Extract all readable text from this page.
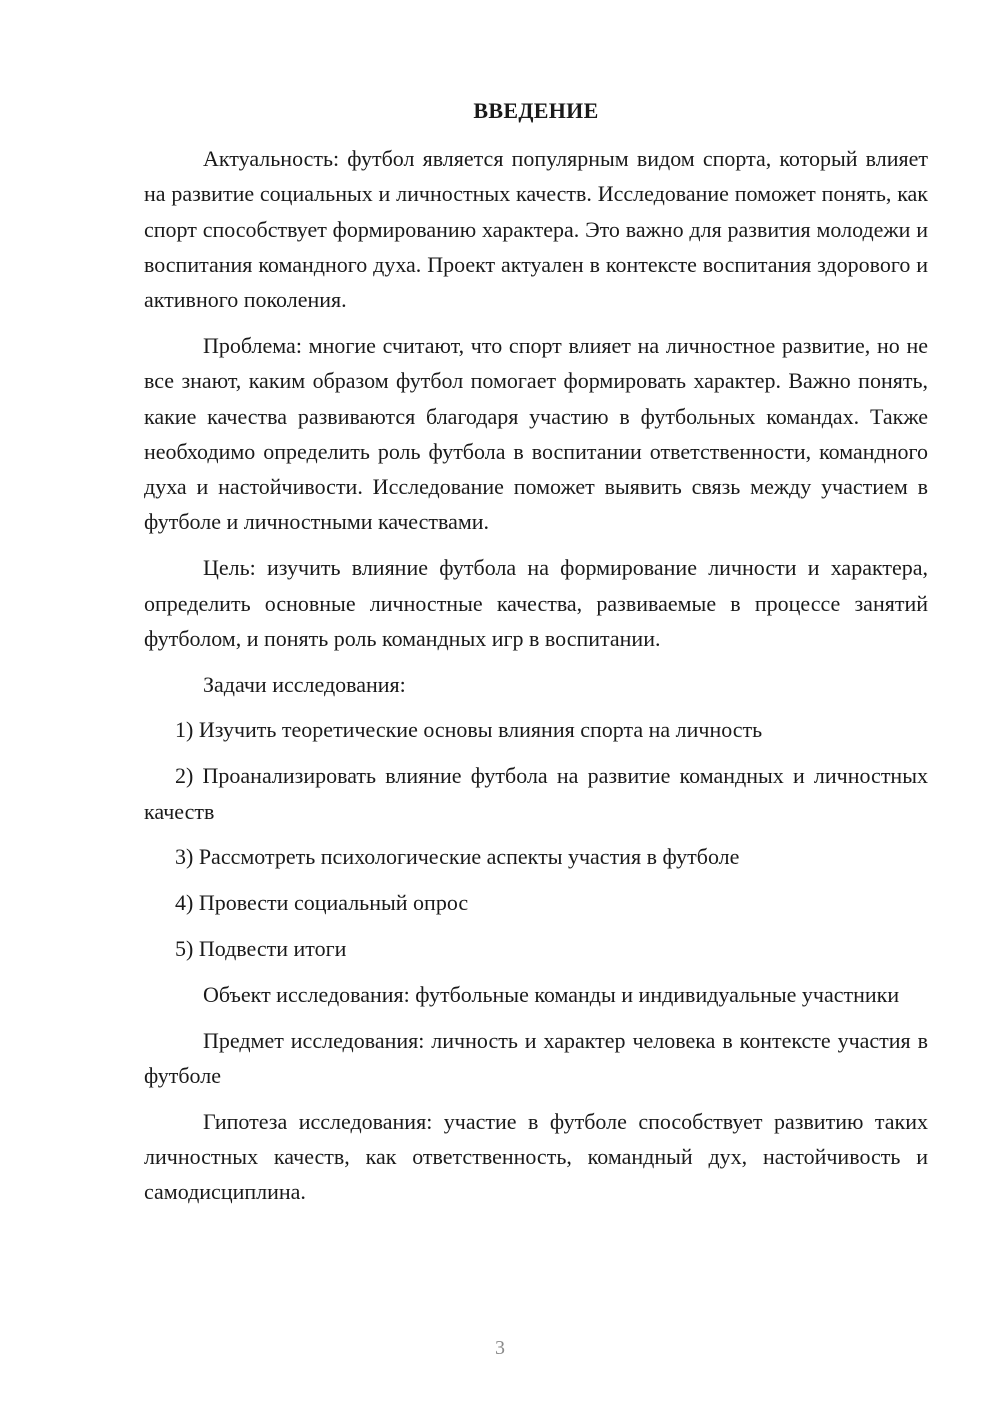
ВВЕДЕНИЕ

Актуальность: футбол является популярным видом спорта, который влияет на развитие социальных и личностных качеств. Исследование поможет понять, как спорт способствует формированию характера. Это важно для развития молодежи и воспитания командного духа. Проект актуален в контексте воспитания здорового и активного поколения.

Проблема: многие считают, что спорт влияет на личностное развитие, но не все знают, каким образом футбол помогает формировать характер. Важно понять, какие качества развиваются благодаря участию в футбольных командах. Также необходимо определить роль футбола в воспитании ответственности, командного духа и настойчивости. Исследование поможет выявить связь между участием в футболе и личностными качествами.

Цель: изучить влияние футбола на формирование личности и характера, определить основные личностные качества, развиваемые в процессе занятий футболом, и понять роль командных игр в воспитании.

Задачи исследования:

1) Изучить теоретические основы влияния спорта на личность

2) Проанализировать влияние футбола на развитие командных и личностных качеств

3) Рассмотреть психологические аспекты участия в футболе

4) Провести социальный опрос

5) Подвести итоги

Объект исследования: футбольные команды и индивидуальные участники

Предмет исследования: личность и характер человека в контексте участия в футболе

Гипотеза исследования: участие в футболе способствует развитию таких личностных качеств, как ответственность, командный дух, настойчивость и самодисциплина.

3
